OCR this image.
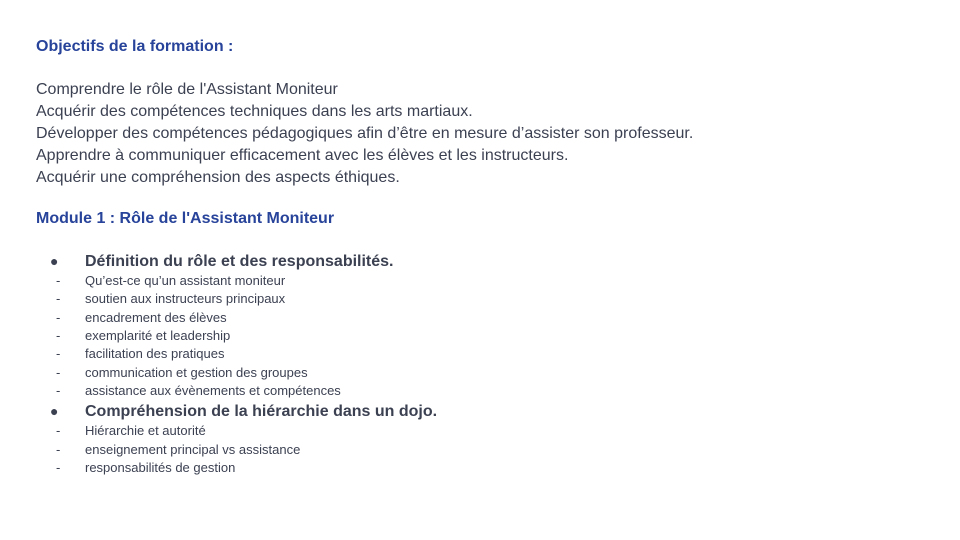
Objectifs de la formation :
Comprendre le rôle de l'Assistant Moniteur
Acquérir des compétences techniques dans les arts martiaux.
Développer des compétences pédagogiques afin d’être en mesure d’assister son professeur.
Apprendre à communiquer efficacement avec les élèves et les instructeurs.
Acquérir une compréhension des aspects éthiques.
Module 1 : Rôle de l'Assistant Moniteur
● Définition du rôle et des responsabilités.
- Qu’est-ce qu’un assistant moniteur
- soutien aux instructeurs principaux
- encadrement des élèves
- exemplarité et leadership
- facilitation des pratiques
- communication et gestion des groupes
- assistance aux évènements et compétences
● Compréhension de la hiérarchie dans un dojo.
- Hiérarchie et autorité
- enseignement principal vs assistance
- responsabilités de gestion
